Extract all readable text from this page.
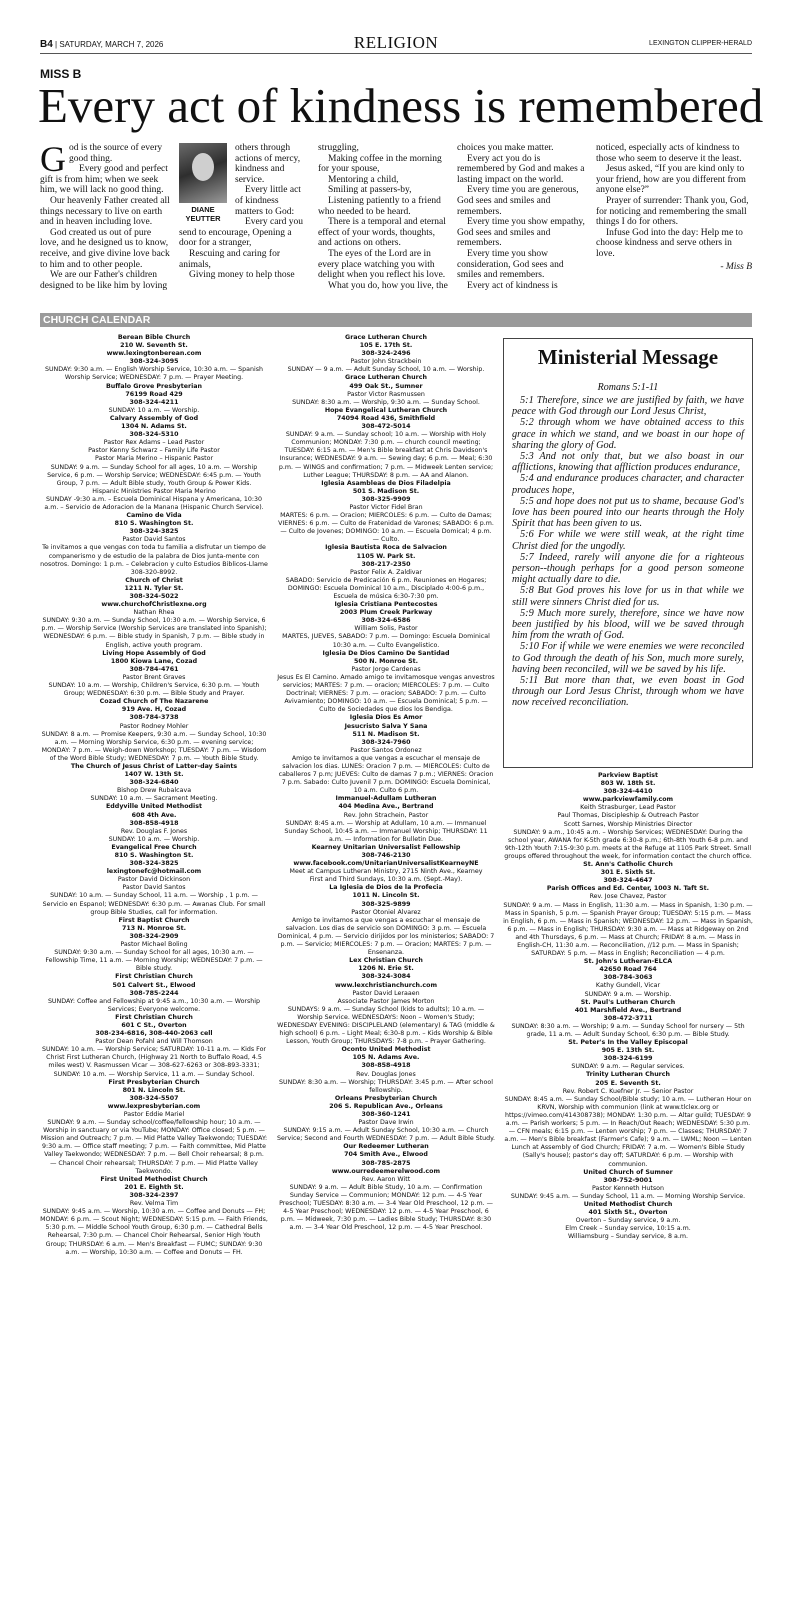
B4 | SATURDAY, MARCH 7, 2026	RELIGION	LEXINGTON CLIPPER-HERALD
MISS B
Every act of kindness is remembered

God is the source of every good thing.

Every good and perfect gift is from him; when we seek him, we will lack no good thing.

Our heavenly Father created all things necessary to live on earth and in heaven including love.

God created us out of pure love, and he designed us to know, receive, and give divine love back to him and to other people.

We are our Father's children designed to be like him by loving

DIANE YEUTTER

others through actions of mercy, kindness and service.

Every little act of kindness matters to God:

Every card you send to encourage, Opening a door for a stranger,

Rescuing and caring for animals,

Giving money to help those

struggling,

Making coffee in the morning for your spouse,

Mentoring a child,

Smiling at passers-by,

Listening patiently to a friend who needed to be heard.

There is a temporal and eternal effect of your words, thoughts, and actions on others.

The eyes of the Lord are in every place watching you with delight when you reflect his love.

What you do, how you live, the

choices you make matter.

Every act you do is remembered by God and makes a lasting impact on the world.

Every time you are generous, God sees and smiles and remembers.

Every time you show empathy, God sees and smiles and remembers.

Every time you show consideration, God sees and smiles and remembers.

Every act of kindness is

noticed, especially acts of kindness to those who seem to deserve it the least.

Jesus asked, “If you are kind only to your friend, how are you different from anyone else?”

Prayer of surrender: Thank you, God, for noticing and remembering the small things I do for others.

Infuse God into the day: Help me to choose kindness and serve others in love.

- Miss B
CHURCH CALENDAR
Berean Bible Church
210 W. Seventh St.
www.lexingtonberean.com
308-324-3095
SUNDAY: 9:30 a.m. — English Worship Service, 10:30 a.m. — Spanish Worship Service; WEDNESDAY: 7 p.m. — Prayer Meeting.
Buffalo Grove Presbyterian
76199 Road 429
308-324-4211
SUNDAY: 10 a.m. — Worship.
Calvary Assembly of God
1304 N. Adams St.
308-324-5310
Pastor Rex Adams – Lead Pastor
Pastor Kenny Schwarz – Family Life Pastor
Pastor Maria Merino – Hispanic Pastor
SUNDAY: 9 a.m. — Sunday School for all ages, 10 a.m. — Worship Service, 6 p.m. — Worship Service; WEDNESDAY: 6:45 p.m. — Youth Group, 7 p.m. — Adult Bible study, Youth Group & Power Kids.
Hispanic Ministries Pastor Maria Merino
SUNDAY -9:30 a.m. – Escuela Dominical Hispana y Americana, 10:30 a.m. – Servicio de Adoracion de la Manana (Hispanic Church Service).
Camino de Vida
810 S. Washington St.
308-324-3825
Pastor David Santos
Te invitamos a que vengas con toda tu familia a disfrutar un tiempo de companerismo y de estudio de la palabra de Dios junta-mente con nosotros. Domingo: 1 p.m. – Celebracion y culto Estudios Biblicos-Llame 308-320-8992.
Church of Christ
1211 N. Tyler St.
308-324-5022
www.churchofChristlexne.org
Nathan Rhea
SUNDAY: 9:30 a.m. — Sunday School, 10:30 a.m. — Worship Service, 6 p.m. — Worship Service (Worship Services are translated into Spanish); WEDNESDAY: 6 p.m. — Bible study in Spanish, 7 p.m. — Bible study in English, active youth program.
Living Hope Assembly of God
1800 Kiowa Lane, Cozad
308-784-4761
Pastor Brent Graves
SUNDAY: 10 a.m. — Worship, Children's Service, 6:30 p.m. — Youth Group; WEDNESDAY: 6:30 p.m. — Bible Study and Prayer.
Cozad Church of The Nazarene
919 Ave. H, Cozad
308-784-3738
Pastor Rodney Mohler
SUNDAY: 8 a.m. — Promise Keepers, 9:30 a.m. — Sunday School, 10:30 a.m. — Morning Worship Service, 6:30 p.m. — evening service; MONDAY: 7 p.m. — Weigh-down Workshop; TUESDAY: 7 p.m. — Wisdom of the Word Bible Study; WEDNESDAY: 7 p.m. — Youth Bible Study.
The Church of Jesus Christ of Latter-day Saints
1407 W. 13th St.
308-324-6840
Bishop Drew Rubalcava
SUNDAY: 10 a.m. — Sacrament Meeting.
Eddyville United Methodist
608 4th Ave.
308-858-4918
Rev. Douglas F. Jones
SUNDAY: 10 a.m. — Worship.
Evangelical Free Church
810 S. Washington St.
308-324-3825
lexingtonefc@hotmail.com
Pastor David Dickinson
Pastor David Santos
SUNDAY: 10 a.m. — Sunday School, 11 a.m. — Worship , 1 p.m. — Servicio en Espanol; WEDNESDAY: 6:30 p.m. — Awanas Club. For small group Bible Studies, call for information.
First Baptist Church
713 N. Monroe St.
308-324-2909
Pastor Michael Boling
SUNDAY: 9:30 a.m. — Sunday School for all ages, 10:30 a.m. — Fellowship Time, 11 a.m. — Morning Worship; WEDNESDAY: 7 p.m. — Bible study.
First Christian Church
501 Calvert St., Elwood
308-785-2244
SUNDAY: Coffee and Fellowship at 9:45 a.m., 10:30 a.m. — Worship Services; Everyone welcome.
First Christian Church
601 C St., Overton
308-234-6816, 308-440-2063 cell
Pastor Dean Pofahl and Will Thomson
SUNDAY: 10 a.m. — Worship Service; SATURDAY: 10-11 a.m. — Kids For Christ First Lutheran Church, (Highway 21 North to Buffalo Road, 4.5 miles west) V. Rasmussen Vicar — 308-627-6263 or 308-893-3331; SUNDAY: 10 a.m. — Worship Service, 11 a.m. — Sunday School.
First Presbyterian Church
801 N. Lincoln St.
308-324-5507
www.lexpresbyterian.com
Pastor Eddie Mariel
SUNDAY: 9 a.m. — Sunday school/coffee/fellowship hour; 10 a.m. — Worship in sanctuary or via YouTube; MONDAY: Office closed; 5 p.m. — Mission and Outreach; 7 p.m. — Mid Platte Valley Taekwondo; TUESDAY: 9:30 a.m. — Office staff meeting; 7 p.m. — Faith committee, Mid Platte Valley Taekwondo; WEDNESDAY: 7 p.m. — Bell Choir rehearsal; 8 p.m. — Chancel Choir rehearsal; THURSDAY: 7 p.m. — Mid Platte Valley Taekwondo.
First United Methodist Church
201 E. Eighth St.
308-324-2397
Rev. Velma Tim
SUNDAY: 9:45 a.m. — Worship, 10:30 a.m. — Coffee and Donuts — FH; MONDAY: 6 p.m. — Scout Night; WEDNESDAY: 5:15 p.m. — Faith Friends, 5:30 p.m. — Middle School Youth Group, 6:30 p.m. — Cathedral Bells Rehearsal, 7:30 p.m. — Chancel Choir Rehearsal, Senior High Youth Group; THURSDAY: 6 a.m. — Men's Breakfast — FUMC; SUNDAY: 9:30 a.m. — Worship, 10:30 a.m. — Coffee and Donuts — FH.
Grace Lutheran Church
105 E. 17th St.
308-324-2496
Pastor John Strackbein
SUNDAY — 9 a.m. — Adult Sunday School, 10 a.m. — Worship.
Grace Lutheran Church
499 Oak St., Sumner
Pastor Victor Rasmussen
SUNDAY: 8:30 a.m. — Worship, 9:30 a.m. — Sunday School.
Hope Evangelical Lutheran Church
74094 Road 436, Smithfield
308-472-5014
SUNDAY: 9 a.m. — Sunday school; 10 a.m. — Worship with Holy Communion; MONDAY: 7:30 p.m. — church council meeting; TUESDAY: 6:15 a.m. — Men's Bible breakfast at Chris Davidson's Insurance; WEDNESDAY: 9 a.m. — Sewing day; 6 p.m. — Meal; 6:30 p.m. — WINGS and confirmation; 7 p.m. — Midweek Lenten service; Luther League; THURSDAY: 8 p.m. — AA and Alanon.
Iglesia Asambleas de Dios Filadelpia
501 S. Madison St.
308-325-9909
Pastor Victor Fidel Bran
MARTES: 6 p.m. — Oracion; MIERCOLES: 6 p.m. — Culto de Damas; VIERNES: 6 p.m. — Culto de Fratenidad de Varones; SABADO: 6 p.m. — Culto de Jovenes; DOMINGO: 10 a.m. — Escuela Domical; 4 p.m. — Culto.
Iglesia Bautista Roca de Salvacion
1105 W. Park St.
308-217-2350
Pastor Felix A. Zaldivar
SABADO: Servicio de Predicación 6 p.m. Reuniones en Hogares; DOMINGO: Escuela Dominical 10 a.m., Disciplado 4:00-6 p.m., Escuela de música 6:30-7:30 pm.
Iglesia Cristiana Pentecostes
2003 Plum Creek Parkway
308-324-6586
William Solis, Pastor
MARTES, JUEVES, SABADO: 7 p.m. — Domingo: Escuela Dominical 10:30 a.m. — Culto Evangelistico.
Iglesia De Dios Camino De Santidad
500 N. Monroe St.
Pastor Jorge Cardenas
Jesus Es El Camino. Amado amigo te invitamosque vengas anvestros servicios; MARTES: 7 p.m. — oracion; MIERCOLES: 7 p.m. — Culto Doctrinal; VIERNES: 7 p.m. — oracion; SABADO: 7 p.m. — Culto Avivamiento; DOMINGO: 10 a.m. — Escuela Dominical; 5 p.m. — Culto de Sociedades que dios los Bendiga.
Iglesia Dios Es Amor
Jesucristo Salva Y Sana
511 N. Madison St.
308-324-7960
Pastor Santos Ordonez
Amigo te invitamos a que vengas a escuchar el mensaje de salvacion los dias. LUNES: Oracion 7 p.m. — MIERCOLES: Culto de caballeros 7 p.m; JUEVES: Culto de damas 7 p.m.; VIERNES: Oracion 7 p.m. Sabado: Culto Juvenil 7 p.m. DOMINGO: Escuela Dominical, 10 a.m. Culto 6 p.m.
Immanuel-Adullam Lutheran
404 Medina Ave., Bertrand
Rev. John Strachein, Pastor
SUNDAY: 8:45 a.m. — Worship at Adullam, 10 a.m. — Immanuel Sunday School, 10:45 a.m. — Immanuel Worship; THURSDAY: 11 a.m. — Information for Bulletin Due.
Kearney Unitarian Universalist Fellowship
308-746-2130
www.facebook.com/UnitarianUniversalistKearneyNE
Meet at Campus Lutheran Ministry, 2715 Ninth Ave., Kearney
First and Third Sundays, 10:30 a.m. (Sept.-May).
La Iglesia de Dios de la Profecia
1011 N. Lincoln St.
308-325-9899
Pastor Otoniel Alvarez
Amigo te invitamos a que vengas a escuchar el mensaje de salvacion. Los dias de servicio son DOMINGO: 3 p.m. — Escuela Dominical, 4 p.m. — Servicio dirijidos por los ministerios; SABADO: 7 p.m. — Servicio; MIERCOLES: 7 p.m. — Oracion; MARTES: 7 p.m. — Ensenanza.
Lex Christian Church
1206 N. Erie St.
308-324-3084
www.lexchristianchurch.com
Pastor David Leraaen
Associate Pastor James Morton
SUNDAYS: 9 a.m. — Sunday School (kids to adults); 10 a.m. — Worship Service. WEDNESDAYS: Noon – Women's Study; WEDNESDAY EVENING: DISCIPLELAND (elementary) & TAG (middle & high school) 6 p.m. – Light Meal; 6:30-8 p.m. – Kids Worship & Bible Lesson, Youth Group; THURSDAYS: 7-8 p.m. – Prayer Gathering.
Oconto United Methodist
105 N. Adams Ave.
308-858-4918
Rev. Douglas Jones
SUNDAY: 8:30 a.m. — Worship; THURSDAY: 3:45 p.m. — After school fellowship.
Orleans Presbyterian Church
206 S. Republican Ave., Orleans
308-360-1241
Pastor Dave Irwin
SUNDAY: 9:15 a.m. — Adult Sunday School, 10:30 a.m. — Church Service; Second and Fourth WEDNESDAY: 7 p.m. — Adult Bible Study.
Our Redeemer Lutheran
704 Smith Ave., Elwood
308-785-2875
www.ourredeemerelwood.com
Rev. Aaron Witt
SUNDAY: 9 a.m. — Adult Bible Study, 10 a.m. — Confirmation Sunday Service — Communion; MONDAY: 12 p.m. — 4-5 Year Preschool; TUESDAY: 8:30 a.m. — 3-4 Year Old Preschool, 12 p.m. — 4-5 Year Preschool; WEDNESDAY: 12 p.m. — 4-5 Year Preschool, 6 p.m. — Midweek, 7:30 p.m. — Ladies Bible Study; THURSDAY: 8:30 a.m. — 3-4 Year Old Preschool, 12 p.m. — 4-5 Year Preschool.
Parkview Baptist
803 W. 18th St.
308-324-4410
www.parkviewfamily.com
Keith Strasburger, Lead Pastor
Paul Thomas, Discipleship & Outreach Pastor
Scott Sarnes, Worship Ministries Director
SUNDAY: 9 a.m., 10:45 a.m. – Worship Services; WEDNESDAY: During the school year, AWANA for K-5th grade 6:30-8 p.m.; 6th-8th Youth 6-8 p.m. and 9th-12th Youth 7:15-9:30 p.m. meets at the Refuge at 1105 Park Street. Small groups offered throughout the week, for information contact the church office.
St. Ann's Catholic Church
301 E. Sixth St.
308-324-4647
Parish Offices and Ed. Center, 1003 N. Taft St.
Rev. Jose Chavez, Pastor
SUNDAY: 9 a.m. — Mass in English, 11:30 a.m. — Mass in Spanish, 1:30 p.m. — Mass in Spanish, 5 p.m. — Spanish Prayer Group; TUESDAY: 5:15 p.m. — Mass in English, 6 p.m. — Mass in Spanish; WEDNESDAY: 12 p.m. — Mass in Spanish, 6 p.m. — Mass in English; THURSDAY: 9:30 a.m. — Mass at Ridgeway on 2nd and 4th Thursdays, 6 p.m. — Mass at Church; FRIDAY: 8 a.m. — Mass in English-CH, 11:30 a.m. — Reconciliation, //12 p.m. — Mass in Spanish; SATURDAY: 5 p.m. — Mass in English; Reconciliation — 4 p.m.
St. John's Lutheran-ELCA
42650 Road 764
308-784-3063
Kathy Gundell, Vicar
SUNDAY: 9 a.m. — Worship.
St. Paul's Lutheran Church
401 Marshfield Ave., Bertrand
308-472-3711
SUNDAY: 8:30 a.m. — Worship; 9 a.m. — Sunday School for nursery — 5th grade, 11 a.m. — Adult Sunday School, 6:30 p.m. — Bible Study.
St. Peter's In the Valley Episcopal
905 E. 13th St.
308-324-6199
SUNDAY: 9 a.m. — Regular services.
Trinity Lutheran Church
205 E. Seventh St.
Rev. Robert C. Kuefner Jr. — Senior Pastor
SUNDAY: 8:45 a.m. — Sunday School/Bible study; 10 a.m. — Lutheran Hour on KRVN, Worship with communion (link at www.tlclex.org or https://vimeo.com/414308738); MONDAY: 1:30 p.m. — Altar guild; TUESDAY: 9 a.m. — Parish workers; 5 p.m. — In Reach/Out Reach; WEDNESDAY: 5:30 p.m. — CFN meals; 6:15 p.m. — Lenten worship; 7 p.m. — Classes; THURSDAY: 7 a.m. — Men's Bible breakfast (Farmer's Cafe); 9 a.m. — LWML; Noon — Lenten Lunch at Assembly of God Church; FRIDAY: 7 a.m. — Women's Bible Study (Sally's house); pastor's day off; SATURDAY: 6 p.m. — Worship with communion.
United Church of Sumner
308-752-9001
Pastor Kenneth Hutson
SUNDAY: 9:45 a.m. — Sunday School, 11 a.m. — Morning Worship Service.
United Methodist Church
401 Sixth St., Overton
Overton – Sunday service, 9 a.m.
Elm Creek – Sunday service, 10:15 a.m.
Williamsburg – Sunday service, 8 a.m.
Ministerial Message
Romans 5:1-11

5:1 Therefore, since we are justified by faith, we have peace with God through our Lord Jesus Christ,

5:2 through whom we have obtained access to this grace in which we stand, and we boast in our hope of sharing the glory of God.

5:3 And not only that, but we also boast in our afflictions, knowing that affliction produces endurance,

5:4 and endurance produces character, and character produces hope,

5:5 and hope does not put us to shame, because God's love has been poured into our hearts through the Holy Spirit that has been given to us.

5:6 For while we were still weak, at the right time Christ died for the ungodly.

5:7 Indeed, rarely will anyone die for a righteous person--though perhaps for a good person someone might actually dare to die.

5:8 But God proves his love for us in that while we still were sinners Christ died for us.

5:9 Much more surely, therefore, since we have now been justified by his blood, will we be saved through him from the wrath of God.

5:10 For if while we were enemies we were reconciled to God through the death of his Son, much more surely, having been reconciled, will we be saved by his life.

5:11 But more than that, we even boast in God through our Lord Jesus Christ, through whom we have now received reconciliation.
